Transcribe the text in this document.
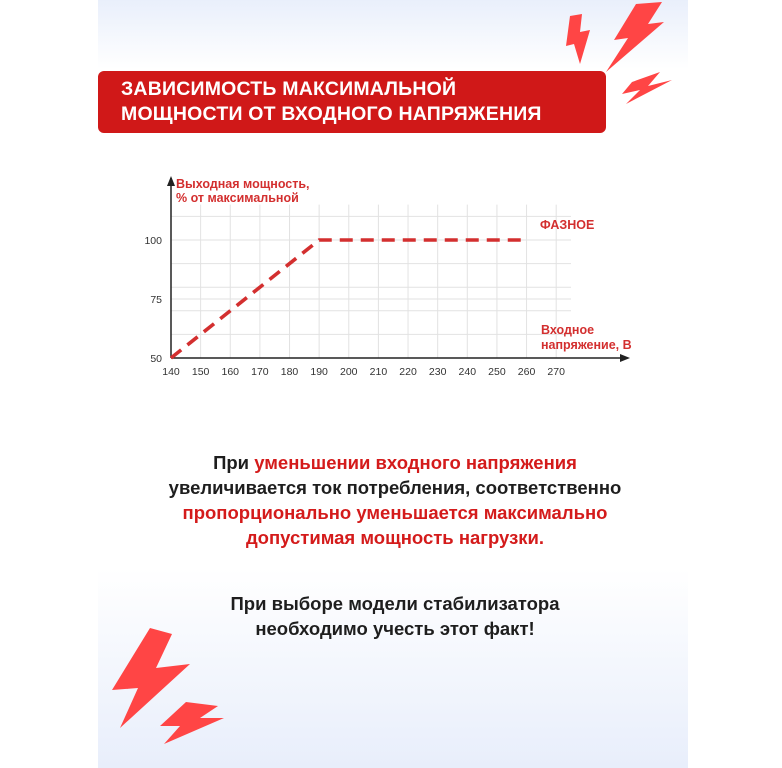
ЗАВИСИМОСТЬ МАКСИМАЛЬНОЙ
МОЩНОСТИ ОТ ВХОДНОГО НАПРЯЖЕНИЯ
140 150 160 170 180 190 200 210 220 230 240 250 260 270
50
75
100
Выходная мощность,
% от максимальной
Входное
напряжение, В
ФАЗНОЕ
При уменьшении входного напряжения
увеличивается ток потребления, соответственно
пропорционально уменьшается максимально
допустимая мощность нагрузки.
При выборе модели стабилизатора
необходимо учесть этот факт!
